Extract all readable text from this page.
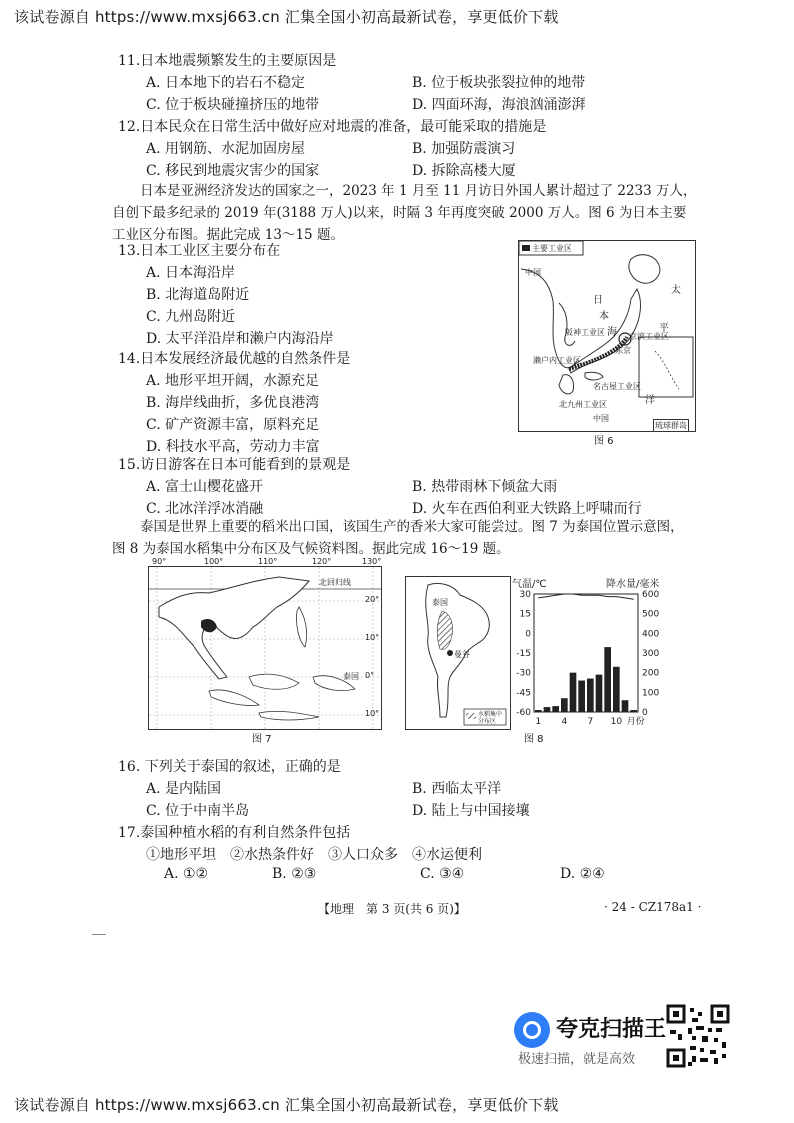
该试卷源自 https://www.mxsj663.cn 汇集全国小初高最新试卷，享更低价下载
11.日本地震频繁发生的主要原因是
A. 日本地下的岩石不稳定	B. 位于板块张裂拉伸的地带
C. 位于板块碰撞挤压的地带	D. 四面环海，海浪汹涌澎湃
12.日本民众在日常生活中做好应对地震的准备，最可能采取的措施是
A. 用钢筋、水泥加固房屋	B. 加强防震演习
C. 移民到地震灾害少的国家	D. 拆除高楼大厦
日本是亚洲经济发达的国家之一，2023 年 1 月至 11 月访日外国人累计超过了 2233 万人，自创下最多纪录的 2019 年(3188 万人)以来，时隔 3 年再度突破 2000 万人。图 6 为日本主要工业区分布图。据此完成 13～15 题。
13.日本工业区主要分布在
A. 日本海沿岸
B. 北海道岛附近
C. 九州岛附近
D. 太平洋沿岸和濑户内海沿岸
14.日本发展经济最优越的自然条件是
A. 地形平坦开阔，水源充足
B. 海岸线曲折，多优良港湾
C. 矿产资源丰富，原料充足
D. 科技水平高，劳动力丰富
主要工业区
中国
东京
阪神工业区	京滨工业区
濑户内工业区
名古屋工业区
北九州工业区
太
平
洋
日
本
海
中国
琉球群岛
图 6
15.访日游客在日本可能看到的景观是
A. 富士山樱花盛开	B. 热带雨林下倾盆大雨
C. 北冰洋浮冰消融	D. 火车在西伯利亚大铁路上呼啸而行
泰国是世界上重要的稻米出口国，该国生产的香米大家可能尝过。图 7 为泰国位置示意图，图 8 为泰国水稻集中分布区及气候资料图。据此完成 16～19 题。
北回归线
泰国
20°
10°
0°
10°
90°	100°	110°	120°	130°
图 7
泰国
曼谷
水稻集中分布区
图 8
气温/℃	降水量/毫米
30
15
0
-15
-30
-45
-60
600
500
400
300
200
100
0
1 4 7 10 月份
16. 下列关于泰国的叙述，正确的是
A. 是内陆国	B. 西临太平洋
C. 位于中南半岛	D. 陆上与中国接壤
17.泰国种植水稻的有利自然条件包括
①地形平坦　②水热条件好　③人口众多　④水运便利
A. ①②	B. ②③	C. ③④	D. ②④
【地理　第 3 页(共 6 页)】	· 24 - CZ178a1 ·
夸克扫描王
极速扫描，就是高效
该试卷源自 https://www.mxsj663.cn 汇集全国小初高最新试卷，享更低价下载
